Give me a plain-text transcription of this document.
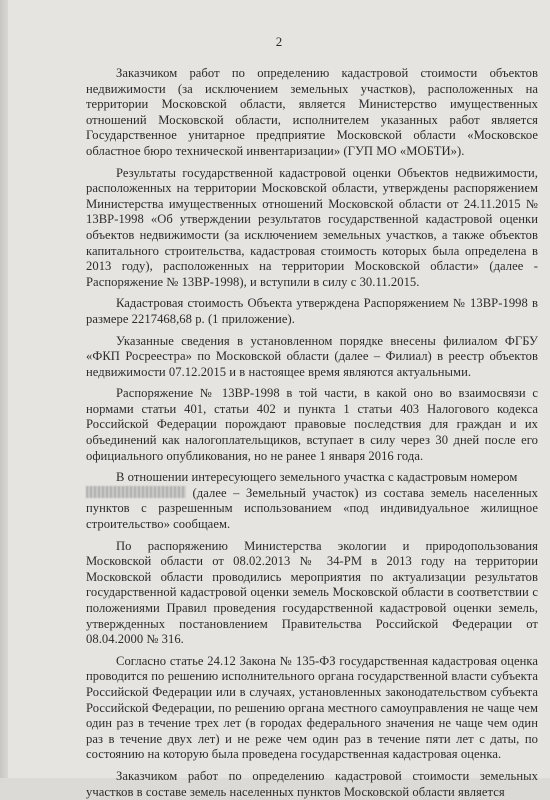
2

Заказчиком работ по определению кадастровой стоимости объектов недвижимости (за исключением земельных участков), расположенных на территории Московской области, является Министерство имущественных отношений Московской области, исполнителем указанных работ является Государственное унитарное предприятие Московской области «Московское областное бюро технической инвентаризации» (ГУП МО «МОБТИ»).

Результаты государственной кадастровой оценки Объектов недвижимости, расположенных на территории Московской области, утверждены распоряжением Министерства имущественных отношений Московской области от 24.11.2015 № 13ВР-1998 «Об утверждении результатов государственной кадастровой оценки объектов недвижимости (за исключением земельных участков, а также объектов капитального строительства, кадастровая стоимость которых была определена в 2013 году), расположенных на территории Московской области» (далее - Распоряжение № 13ВР-1998), и вступили в силу с 30.11.2015.

Кадастровая стоимость Объекта утверждена Распоряжением № 13ВР-1998 в размере 2217468,68 р. (1 приложение).

Указанные сведения в установленном порядке внесены филиалом ФГБУ «ФКП Росреестра» по Московской области (далее – Филиал) в реестр объектов недвижимости 07.12.2015 и в настоящее время являются актуальными.

Распоряжение № 13ВР-1998 в той части, в какой оно во взаимосвязи с нормами статьи 401, статьи 402 и пункта 1 статьи 403 Налогового кодекса Российской Федерации порождают правовые последствия для граждан и их объединений как налогоплательщиков, вступает в силу через 30 дней после его официального опубликования, но не ранее 1 января 2016 года.

В отношении интересующего земельного участка с кадастровым номером
(далее – Земельный участок) из состава земель населенных пунктов с разрешенным использованием «под индивидуальное жилищное строительство» сообщаем.

По распоряжению Министерства экологии и природопользования Московской области от 08.02.2013 № 34-РМ в 2013 году на территории Московской области проводились мероприятия по актуализации результатов государственной кадастровой оценки земель Московской области в соответствии с положениями Правил проведения государственной кадастровой оценки земель, утвержденных постановлением Правительства Российской Федерации от 08.04.2000 № 316.

Согласно статье 24.12 Закона № 135-ФЗ государственная кадастровая оценка проводится по решению исполнительного органа государственной власти субъекта Российской Федерации или в случаях, установленных законодательством субъекта Российской Федерации, по решению органа местного самоуправления не чаще чем один раз в течение трех лет (в городах федерального значения не чаще чем один раз в течение двух лет) и не реже чем один раз в течение пяти лет с даты, по состоянию на которую была проведена государственная кадастровая оценка.

Заказчиком работ по определению кадастровой стоимости земельных участков в составе земель населенных пунктов Московской области является
